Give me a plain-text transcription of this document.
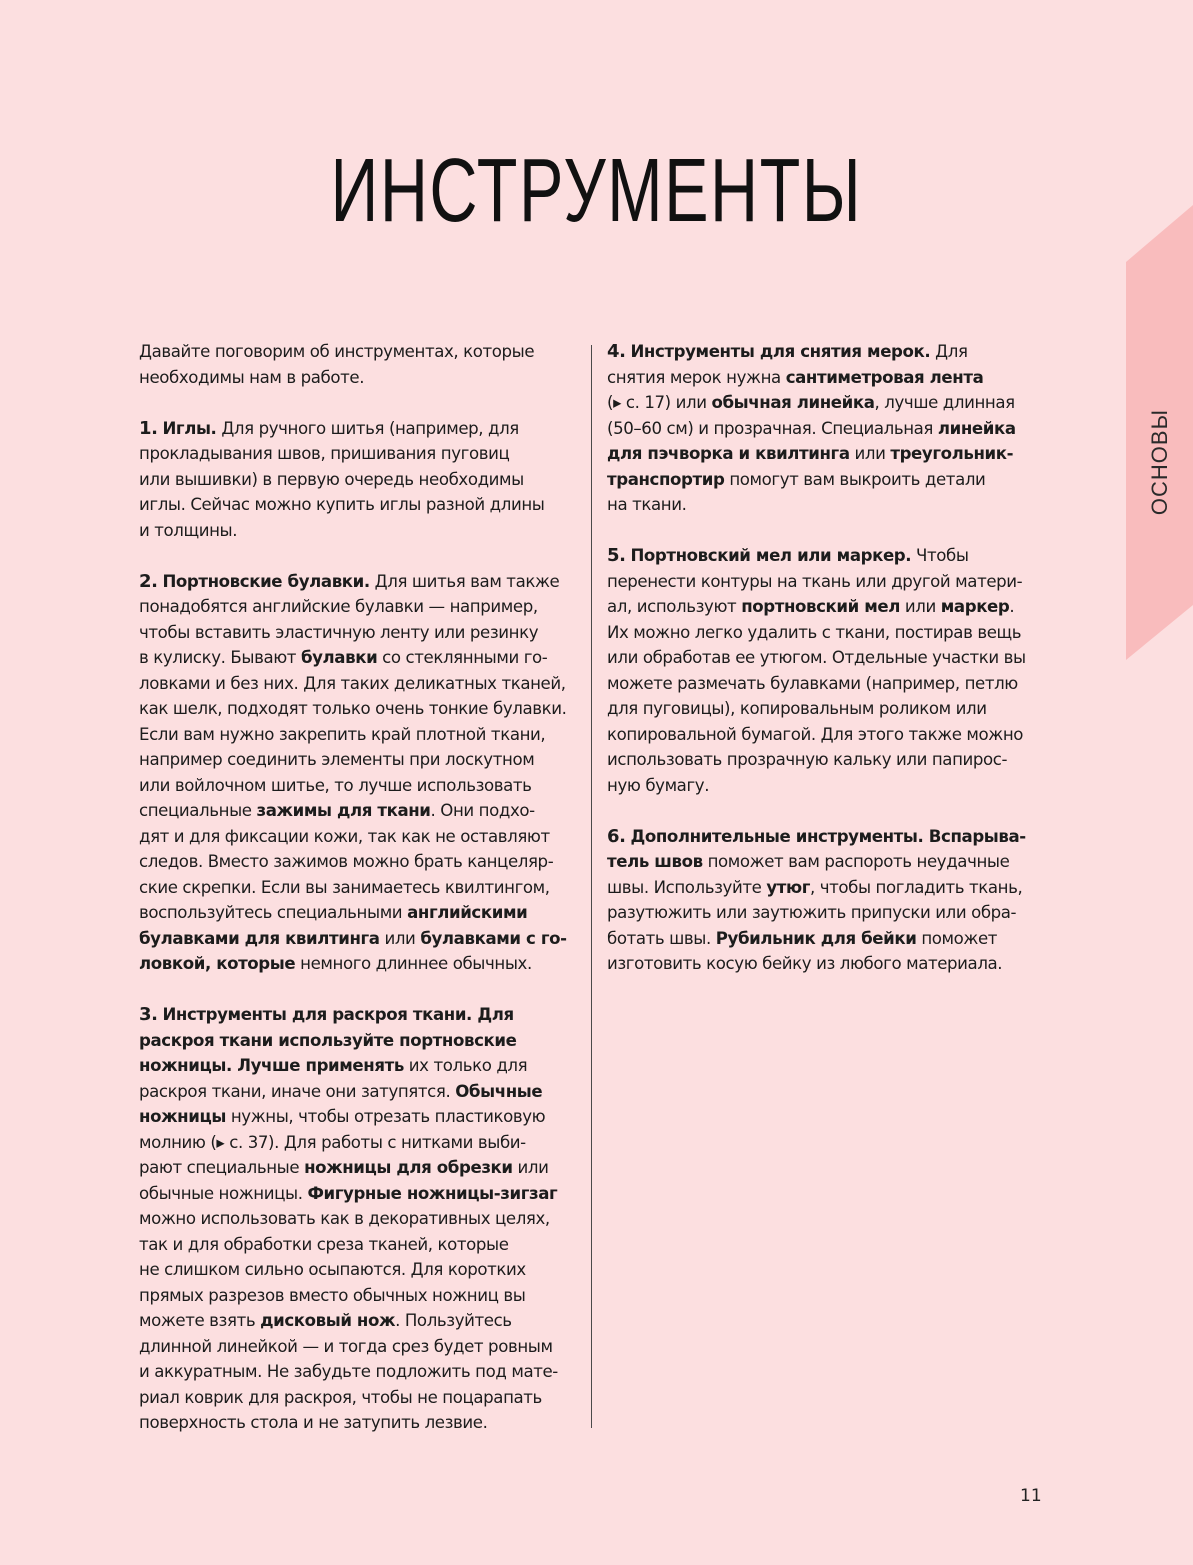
ОСНОВЫ
ИНСТРУМЕНТЫ

Давайте поговорим об инструментах, которые
необходимы нам в работе.

1. Иглы. Для ручного шитья (например, для
прокладывания швов, пришивания пуговиц
или вышивки) в первую очередь необходимы
иглы. Сейчас можно купить иглы разной длины
и толщины.

2. Портновские булавки. Для шитья вам также
понадобятся английские булавки — например,
чтобы вставить эластичную ленту или резинку
в кулиску. Бывают булавки со стеклянными го-
ловками и без них. Для таких деликатных тканей,
как шелк, подходят только очень тонкие булавки.
Если вам нужно закрепить край плотной ткани,
например соединить элементы при лоскутном
или войлочном шитье, то лучше использовать
специальные зажимы для ткани. Они подхо-
дят и для фиксации кожи, так как не оставляют
следов. Вместо зажимов можно брать канцеляр-
ские скрепки. Если вы занимаетесь квилтингом,
воспользуйтесь специальными английскими
булавками для квилтинга или булавками с го-
ловкой, которые немного длиннее обычных.

3. Инструменты для раскроя ткани. Для
раскроя ткани используйте портновские
ножницы. Лучше применять их только для
раскроя ткани, иначе они затупятся. Обычные
ножницы нужны, чтобы отрезать пластиковую
молнию (▸ с. 37). Для работы с нитками выби-
рают специальные ножницы для обрезки или
обычные ножницы. Фигурные ножницы-зигзаг
можно использовать как в декоративных целях,
так и для обработки среза тканей, которые
не слишком сильно осыпаются. Для коротких
прямых разрезов вместо обычных ножниц вы
можете взять дисковый нож. Пользуйтесь
длинной линейкой — и тогда срез будет ровным
и аккуратным. Не забудьте подложить под мате-
риал коврик для раскроя, чтобы не поцарапать
поверхность стола и не затупить лезвие.

4. Инструменты для снятия мерок. Для
снятия мерок нужна сантиметровая лента
(▸ с. 17) или обычная линейка, лучше длинная
(50–60 см) и прозрачная. Специальная линейка
для пэчворка и квилтинга или треугольник-
транспортир помогут вам выкроить детали
на ткани.

5. Портновский мел или маркер. Чтобы
перенести контуры на ткань или другой матери-
ал, используют портновский мел или маркер.
Их можно легко удалить с ткани, постирав вещь
или обработав ее утюгом. Отдельные участки вы
можете размечать булавками (например, петлю
для пуговицы), копировальным роликом или
копировальной бумагой. Для этого также можно
использовать прозрачную кальку или папирос-
ную бумагу.

6. Дополнительные инструменты. Вспарыва-
тель швов поможет вам распороть неудачные
швы. Используйте утюг, чтобы погладить ткань,
разутюжить или заутюжить припуски или обра-
ботать швы. Рубильник для бейки поможет
изготовить косую бейку из любого материала.

11
